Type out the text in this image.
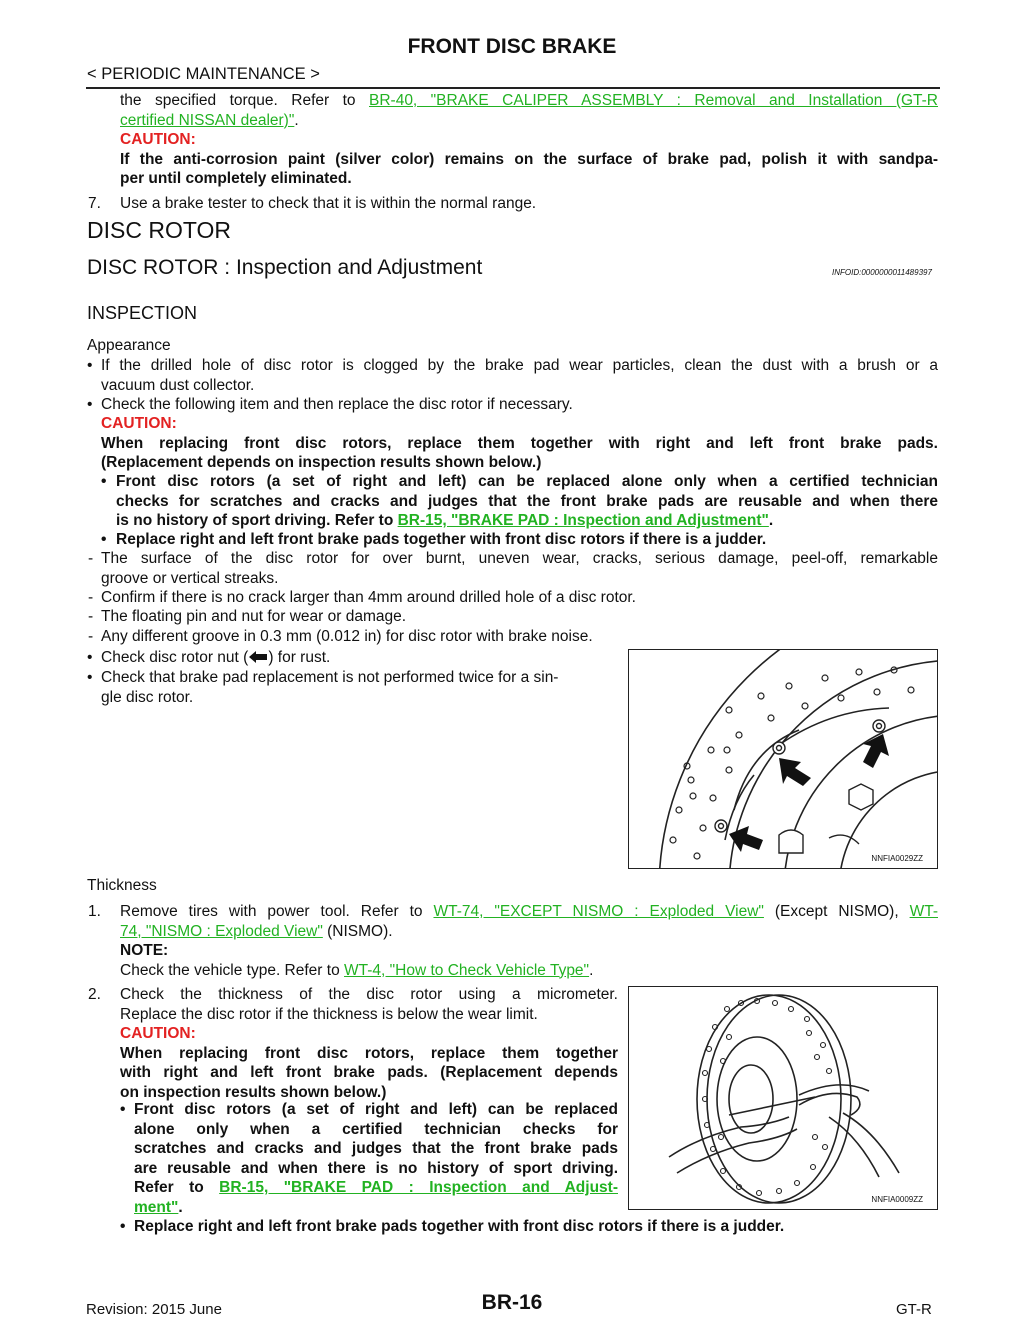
FRONT DISC BRAKE
< PERIODIC MAINTENANCE >
the specified torque. Refer to BR-40, "BRAKE CALIPER ASSEMBLY : Removal and Installation (GT-R
certified NISSAN dealer)".
CAUTION:
If the anti-corrosion paint (silver color) remains on the surface of brake pad, polish it with sandpa-
per until completely eliminated.
7. Use a brake tester to check that it is within the normal range.
DISC ROTOR
DISC ROTOR : Inspection and Adjustment	INFOID:0000000011489397
INSPECTION
Appearance
• If the drilled hole of disc rotor is clogged by the brake pad wear particles, clean the dust with a brush or a
vacuum dust collector.
• Check the following item and then replace the disc rotor if necessary.
CAUTION:
When replacing front disc rotors, replace them together with right and left front brake pads.
(Replacement depends on inspection results shown below.)
• Front disc rotors (a set of right and left) can be replaced alone only when a certified technician
checks for scratches and cracks and judges that the front brake pads are reusable and when there
is no history of sport driving. Refer to BR-15, "BRAKE PAD : Inspection and Adjustment".
• Replace right and left front brake pads together with front disc rotors if there is a judder.
- The surface of the disc rotor for over burnt, uneven wear, cracks, serious damage, peel-off, remarkable
groove or vertical streaks.
- Confirm if there is no crack larger than 4mm around drilled hole of a disc rotor.
- The floating pin and nut for wear or damage.
- Any different groove in 0.3 mm (0.012 in) for disc rotor with brake noise.
• Check disc rotor nut ( ) for rust.
• Check that brake pad replacement is not performed twice for a sin-
gle disc rotor.
NNFIA0029ZZ
Thickness
1. Remove tires with power tool. Refer to WT-74, "EXCEPT NISMO : Exploded View" (Except NISMO), WT-
74, "NISMO : Exploded View" (NISMO).
NOTE:
Check the vehicle type. Refer to WT-4, "How to Check Vehicle Type".
2. Check the thickness of the disc rotor using a micrometer.
Replace the disc rotor if the thickness is below the wear limit.
CAUTION:
When replacing front disc rotors, replace them together
with right and left front brake pads. (Replacement depends
on inspection results shown below.)
• Front disc rotors (a set of right and left) can be replaced
alone only when a certified technician checks for
scratches and cracks and judges that the front brake pads
are reusable and when there is no history of sport driving.
Refer to BR-15, "BRAKE PAD : Inspection and Adjust-
ment".
• Replace right and left front brake pads together with front disc rotors if there is a judder.
NNFIA0009ZZ
Revision: 2015 June	BR-16	GT-R
